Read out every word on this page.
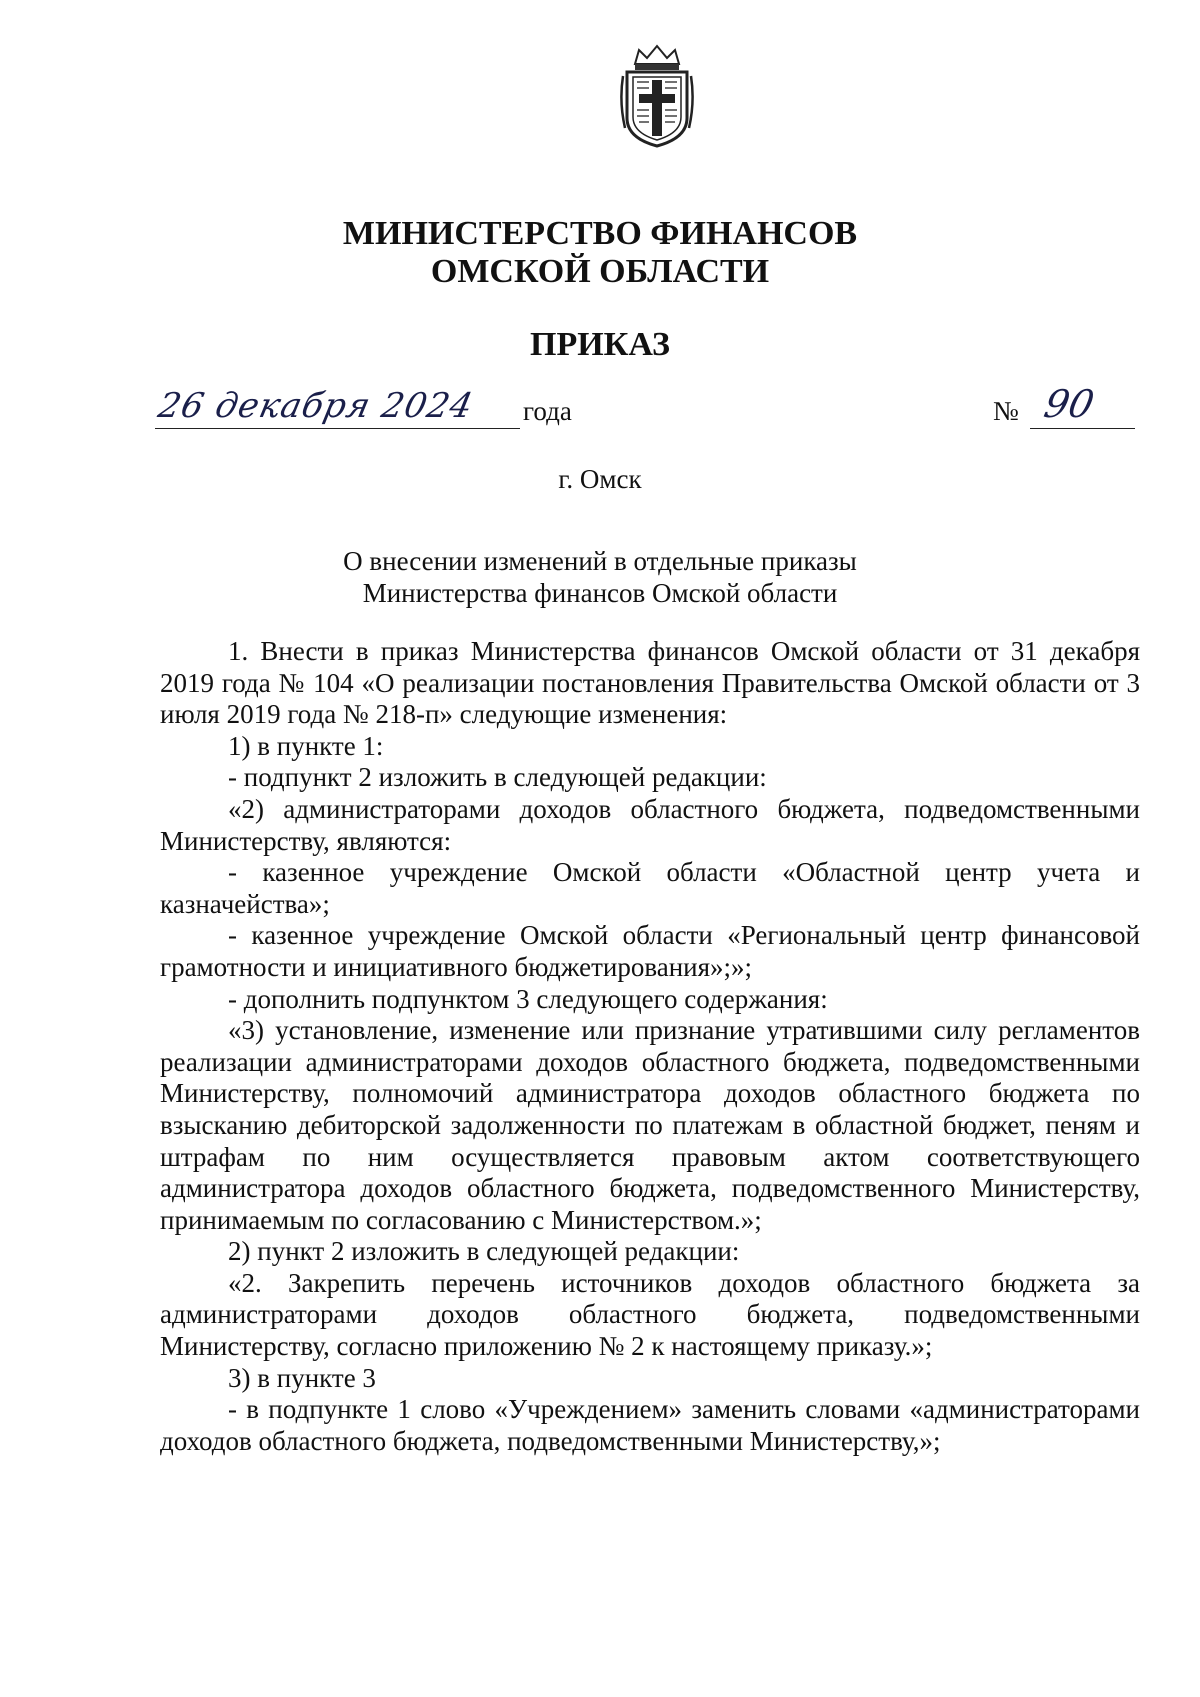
МИНИСТЕРСТВО ФИНАНСОВ
ОМСКОЙ ОБЛАСТИ
ПРИКАЗ
26 декабря 2024 года	№ 90
г. Омск
О внесении изменений в отдельные приказы
Министерства финансов Омской области

1. Внести в приказ Министерства финансов Омской области от 31 декабря 2019 года № 104 «О реализации постановления Правительства Омской области от 3 июля 2019 года № 218-п» следующие изменения:

1) в пункте 1:

- подпункт 2 изложить в следующей редакции:

«2) администраторами доходов областного бюджета, подведомственными Министерству, являются:

- казенное учреждение Омской области «Областной центр учета и казначейства»;

- казенное учреждение Омской области «Региональный центр финансовой грамотности и инициативного бюджетирования»;»;

- дополнить подпунктом 3 следующего содержания:

«3) установление, изменение или признание утратившими силу регламентов реализации администраторами доходов областного бюджета, подведомственными Министерству, полномочий администратора доходов областного бюджета по взысканию дебиторской задолженности по платежам в областной бюджет, пеням и штрафам по ним осуществляется правовым актом соответствующего администратора доходов областного бюджета, подведомственного Министерству, принимаемым по согласованию с Министерством.»;

2) пункт 2 изложить в следующей редакции:

«2. Закрепить перечень источников доходов областного бюджета за администраторами доходов областного бюджета, подведомственными Министерству, согласно приложению № 2 к настоящему приказу.»;

3) в пункте 3

- в подпункте 1 слово «Учреждением» заменить словами «администраторами доходов областного бюджета, подведомственными Министерству,»;
